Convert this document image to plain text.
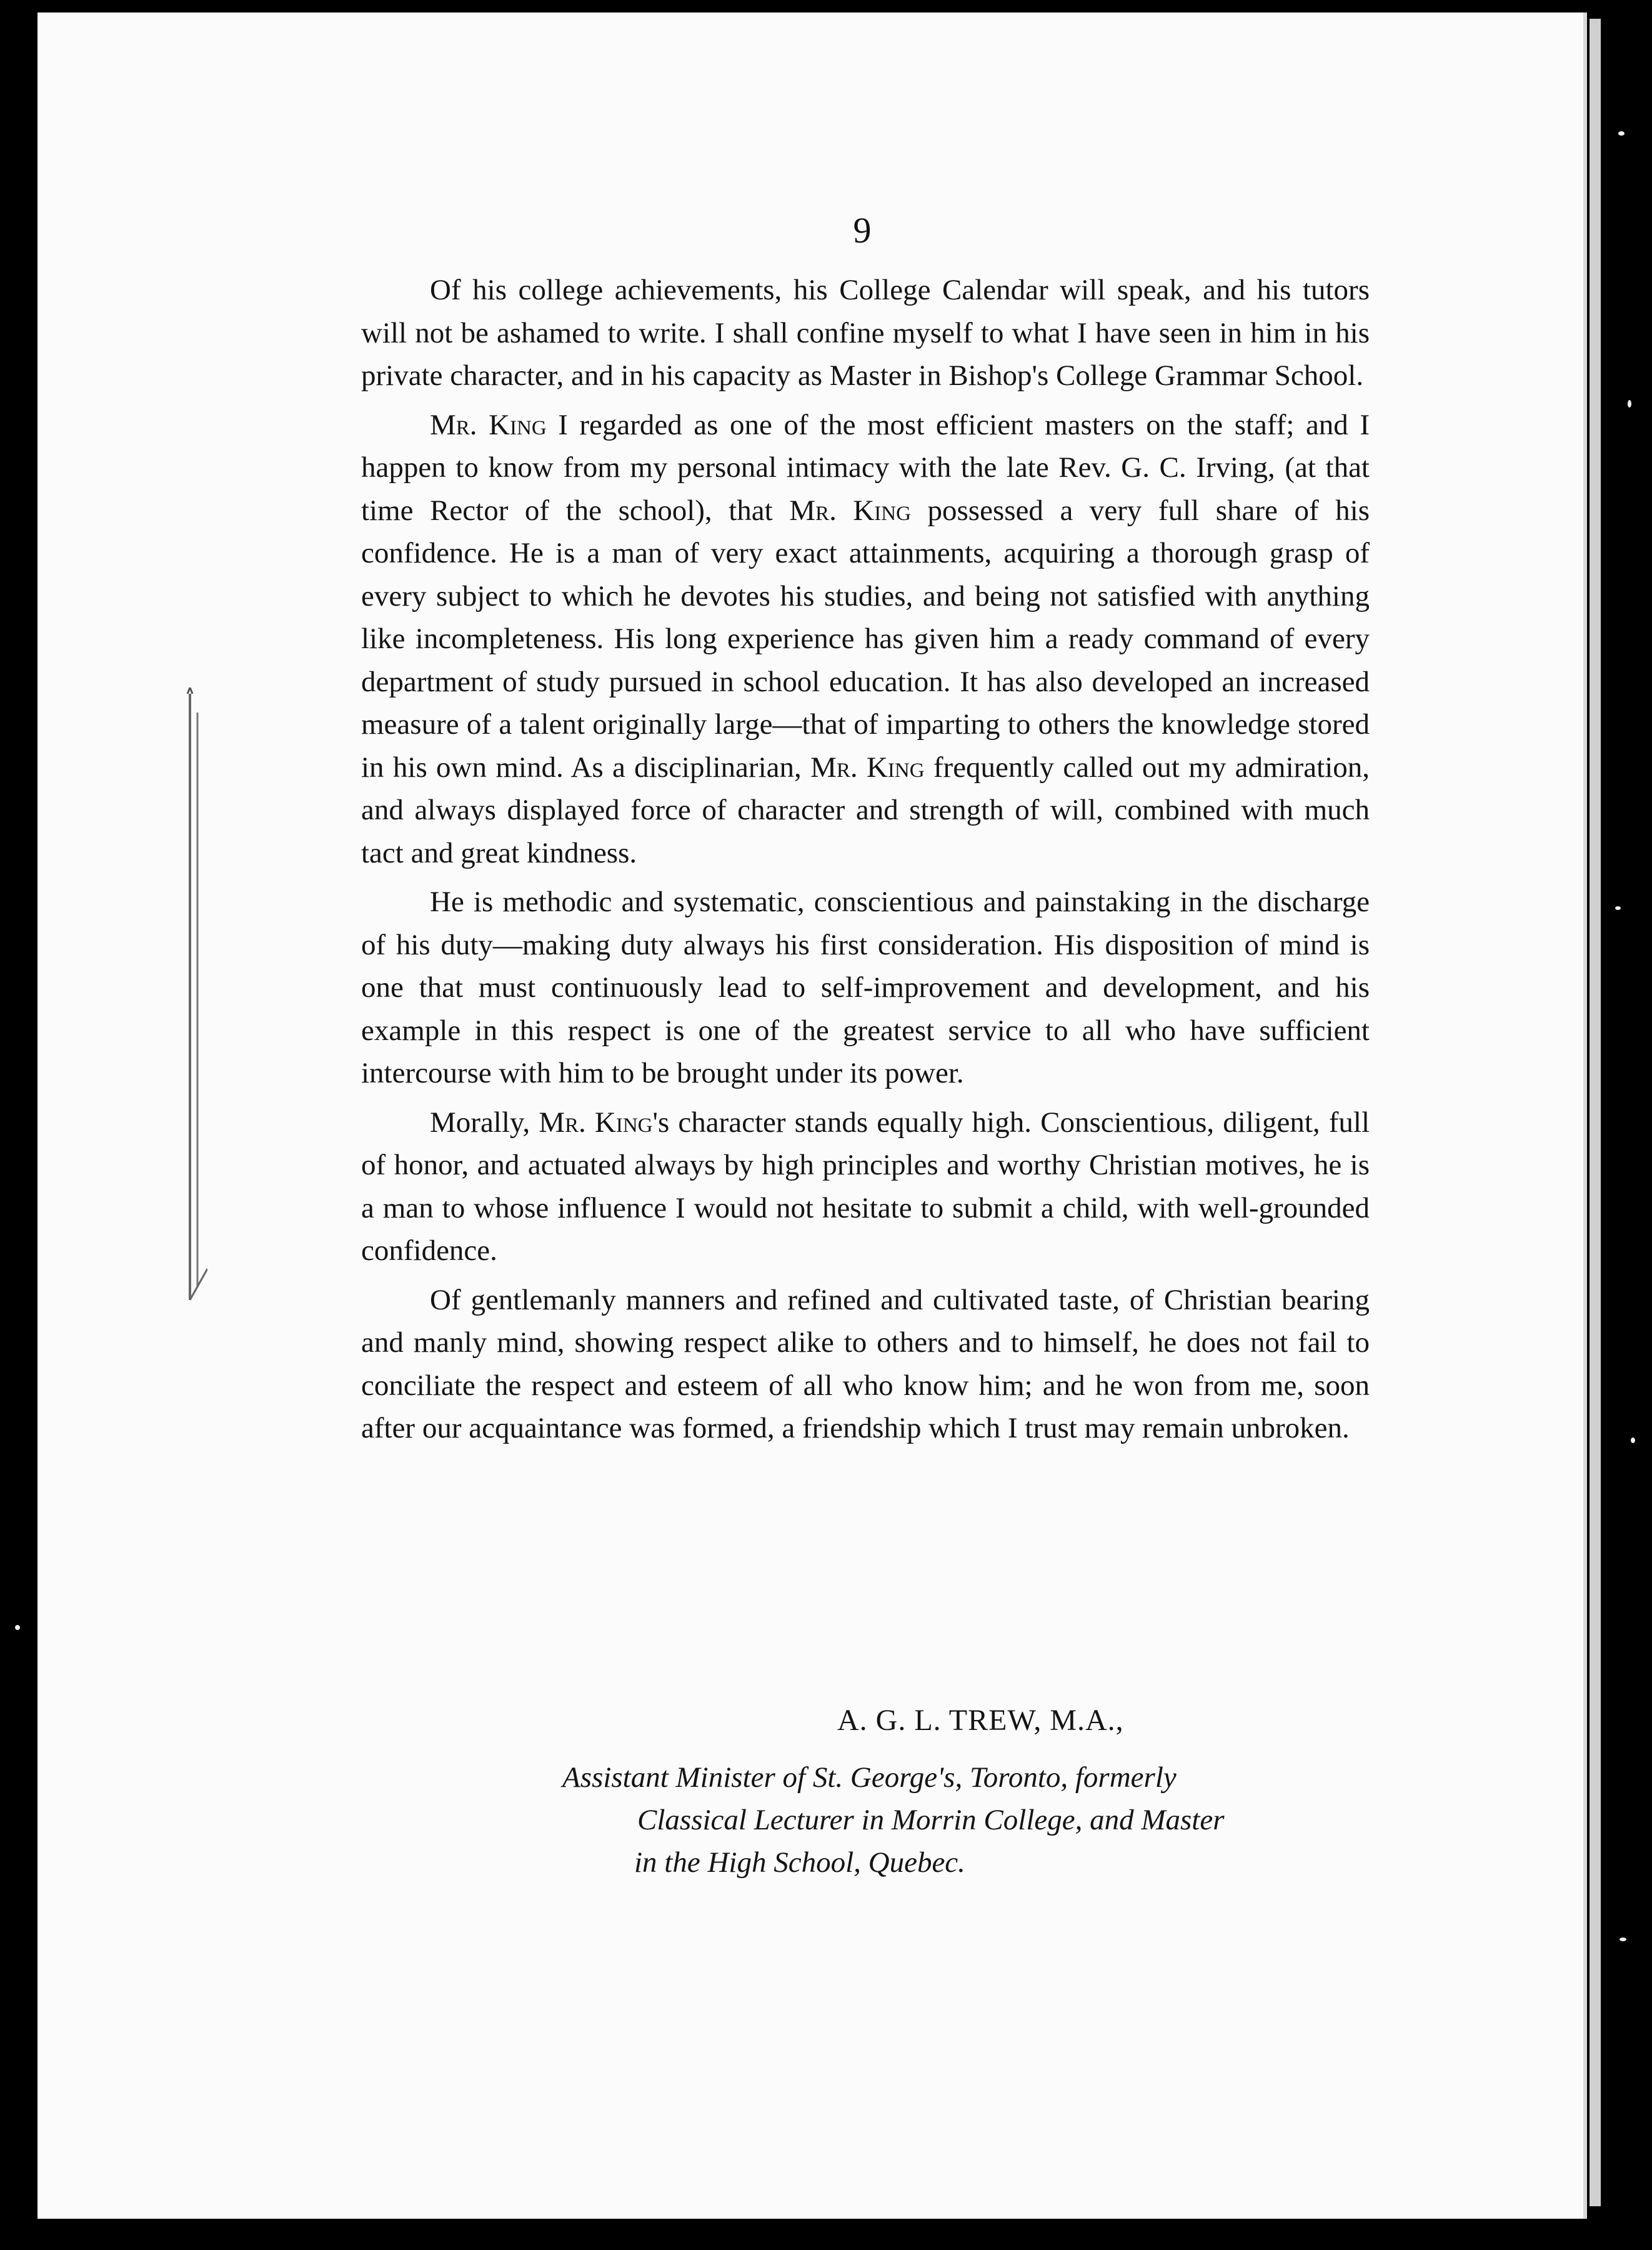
9

Of his college achievements, his College Calendar will speak, and his tutors will not be ashamed to write. I shall confine myself to what I have seen in him in his private character, and in his capacity as Master in Bishop's College Grammar School.

Mr. King I regarded as one of the most efficient masters on the staff; and I happen to know from my personal intimacy with the late Rev. G. C. Irving, (at that time Rector of the school), that Mr. King possessed a very full share of his confidence. He is a man of very exact attainments, acquiring a thorough grasp of every subject to which he devotes his studies, and being not satisfied with anything like incompleteness. His long experience has given him a ready command of every department of study pursued in school education. It has also developed an increased measure of a talent originally large—that of imparting to others the knowledge stored in his own mind. As a disciplinarian, Mr. King frequently called out my admiration, and always displayed force of character and strength of will, combined with much tact and great kindness.

He is methodic and systematic, conscientious and painstaking in the discharge of his duty—making duty always his first consideration. His disposition of mind is one that must continuously lead to self-improvement and development, and his example in this respect is one of the greatest service to all who have sufficient intercourse with him to be brought under its power.

Morally, Mr. King's character stands equally high. Conscientious, diligent, full of honor, and actuated always by high principles and worthy Christian motives, he is a man to whose influence I would not hesitate to submit a child, with well-grounded confidence.

Of gentlemanly manners and refined and cultivated taste, of Christian bearing and manly mind, showing respect alike to others and to himself, he does not fail to conciliate the respect and esteem of all who know him; and he won from me, soon after our acquaintance was formed, a friendship which I trust may remain unbroken.

A. G. L. TREW, M.A.,
Assistant Minister of St. George's, Toronto, formerly
Classical Lecturer in Morrin College, and Master
in the High School, Quebec.
